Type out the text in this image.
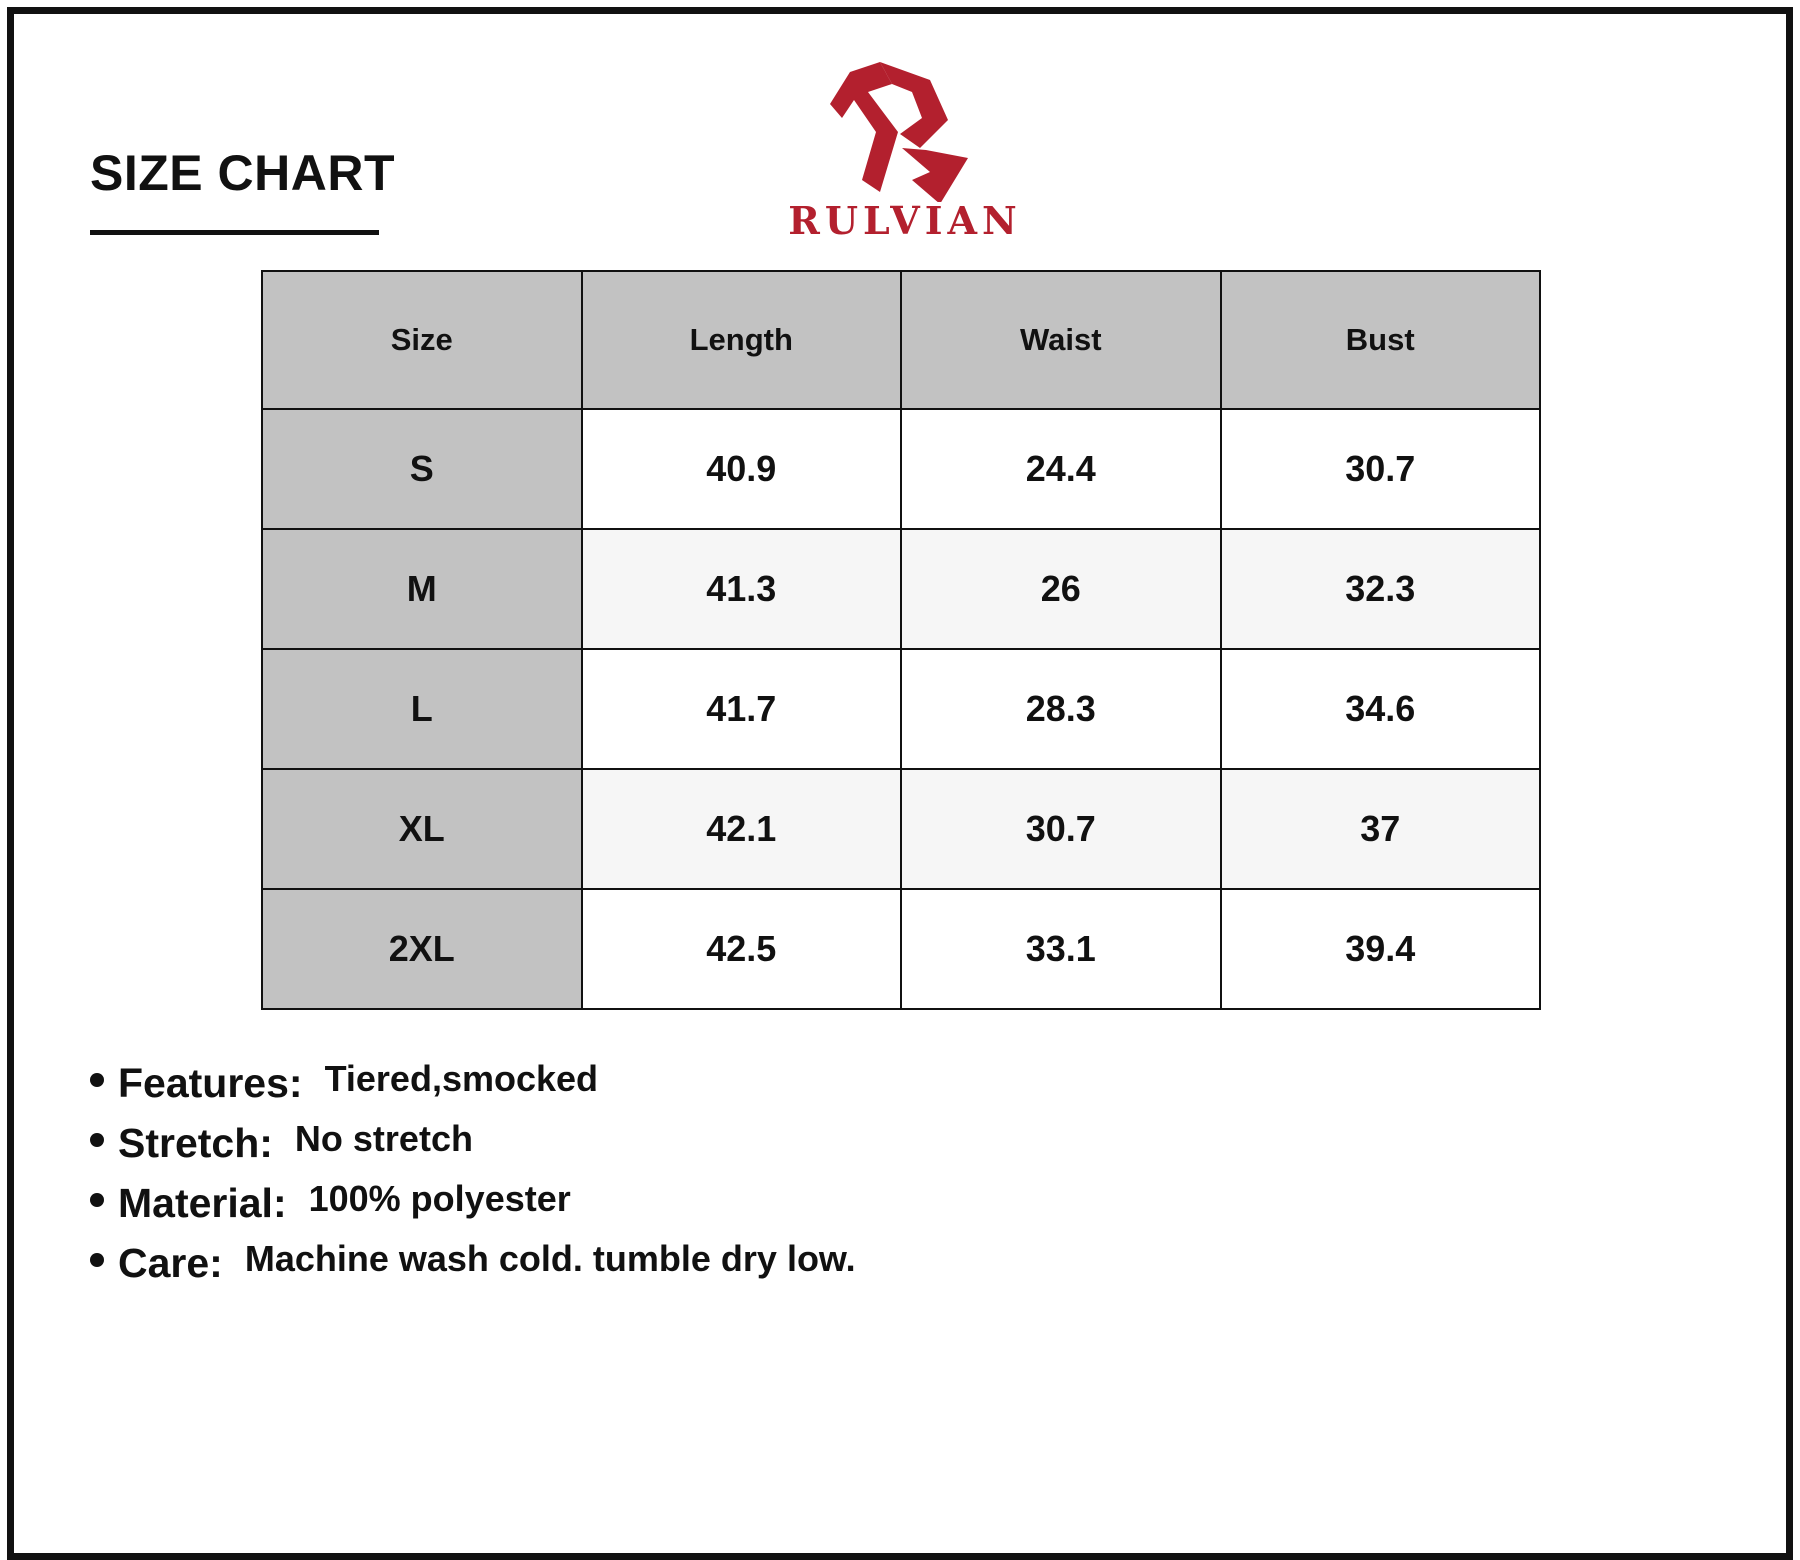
SIZE CHART
RULVIAN
Size	Length	Waist	Bust
S	40.9	24.4	30.7
M	41.3	26	32.3
L	41.7	28.3	34.6
XL	42.1	30.7	37
2XL	42.5	33.1	39.4
Features: Tiered,smocked
Stretch: No stretch
Material: 100% polyester
Care: Machine wash cold. tumble dry low.
